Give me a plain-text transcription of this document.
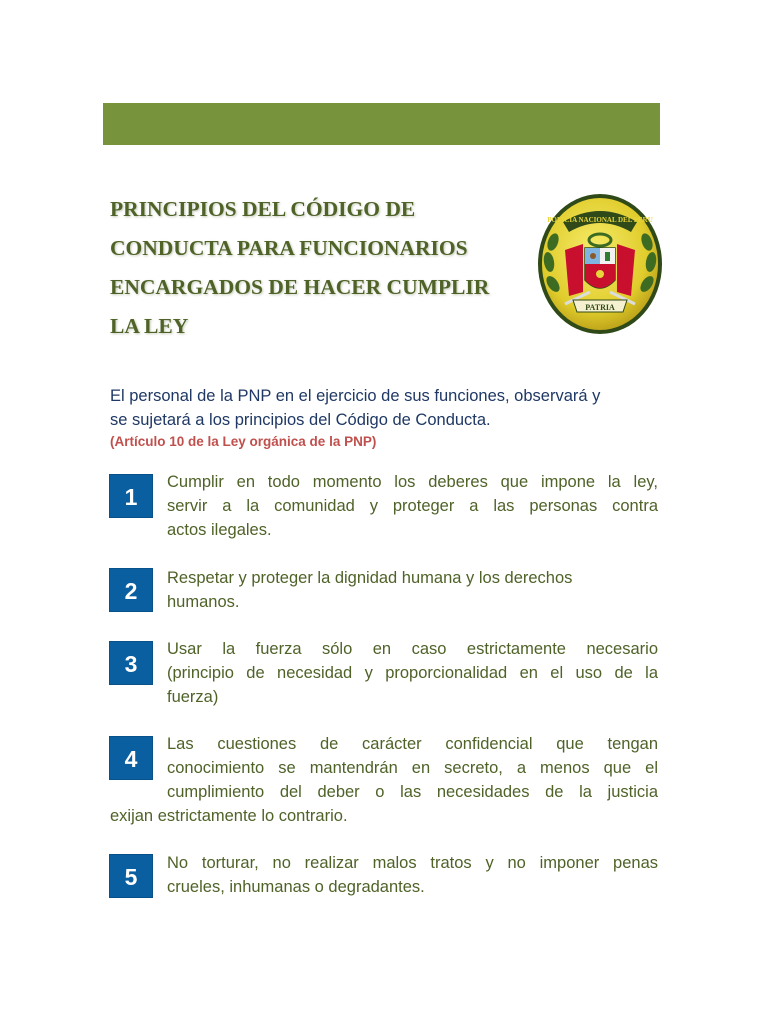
PRINCIPIOS DEL CÓDIGO DE
CONDUCTA PARA FUNCIONARIOS
ENCARGADOS DE HACER CUMPLIR
LA LEY
POLICIA NACIONAL DEL PERU
PATRIA

El personal de la PNP en el ejercicio de sus funciones, observará y
se sujetará a los principios del Código de Conducta.

(Artículo 10 de la Ley orgánica de la PNP)

1

Cumplir en todo momento los deberes que impone la ley,
servir a la comunidad y proteger a las personas contra
actos ilegales.

2	Respetar y proteger la dignidad humana y los derechos
humanos.

3

Usar la fuerza sólo en caso estrictamente necesario
(principio de necesidad y proporcionalidad en el uso de la
fuerza)

4

Las cuestiones de carácter confidencial que tengan
conocimiento se mantendrán en secreto, a menos que el
cumplimiento del deber o las necesidades de la justicia

exijan estrictamente lo contrario.

5

No torturar, no realizar malos tratos y no imponer penas
crueles, inhumanas o degradantes.
